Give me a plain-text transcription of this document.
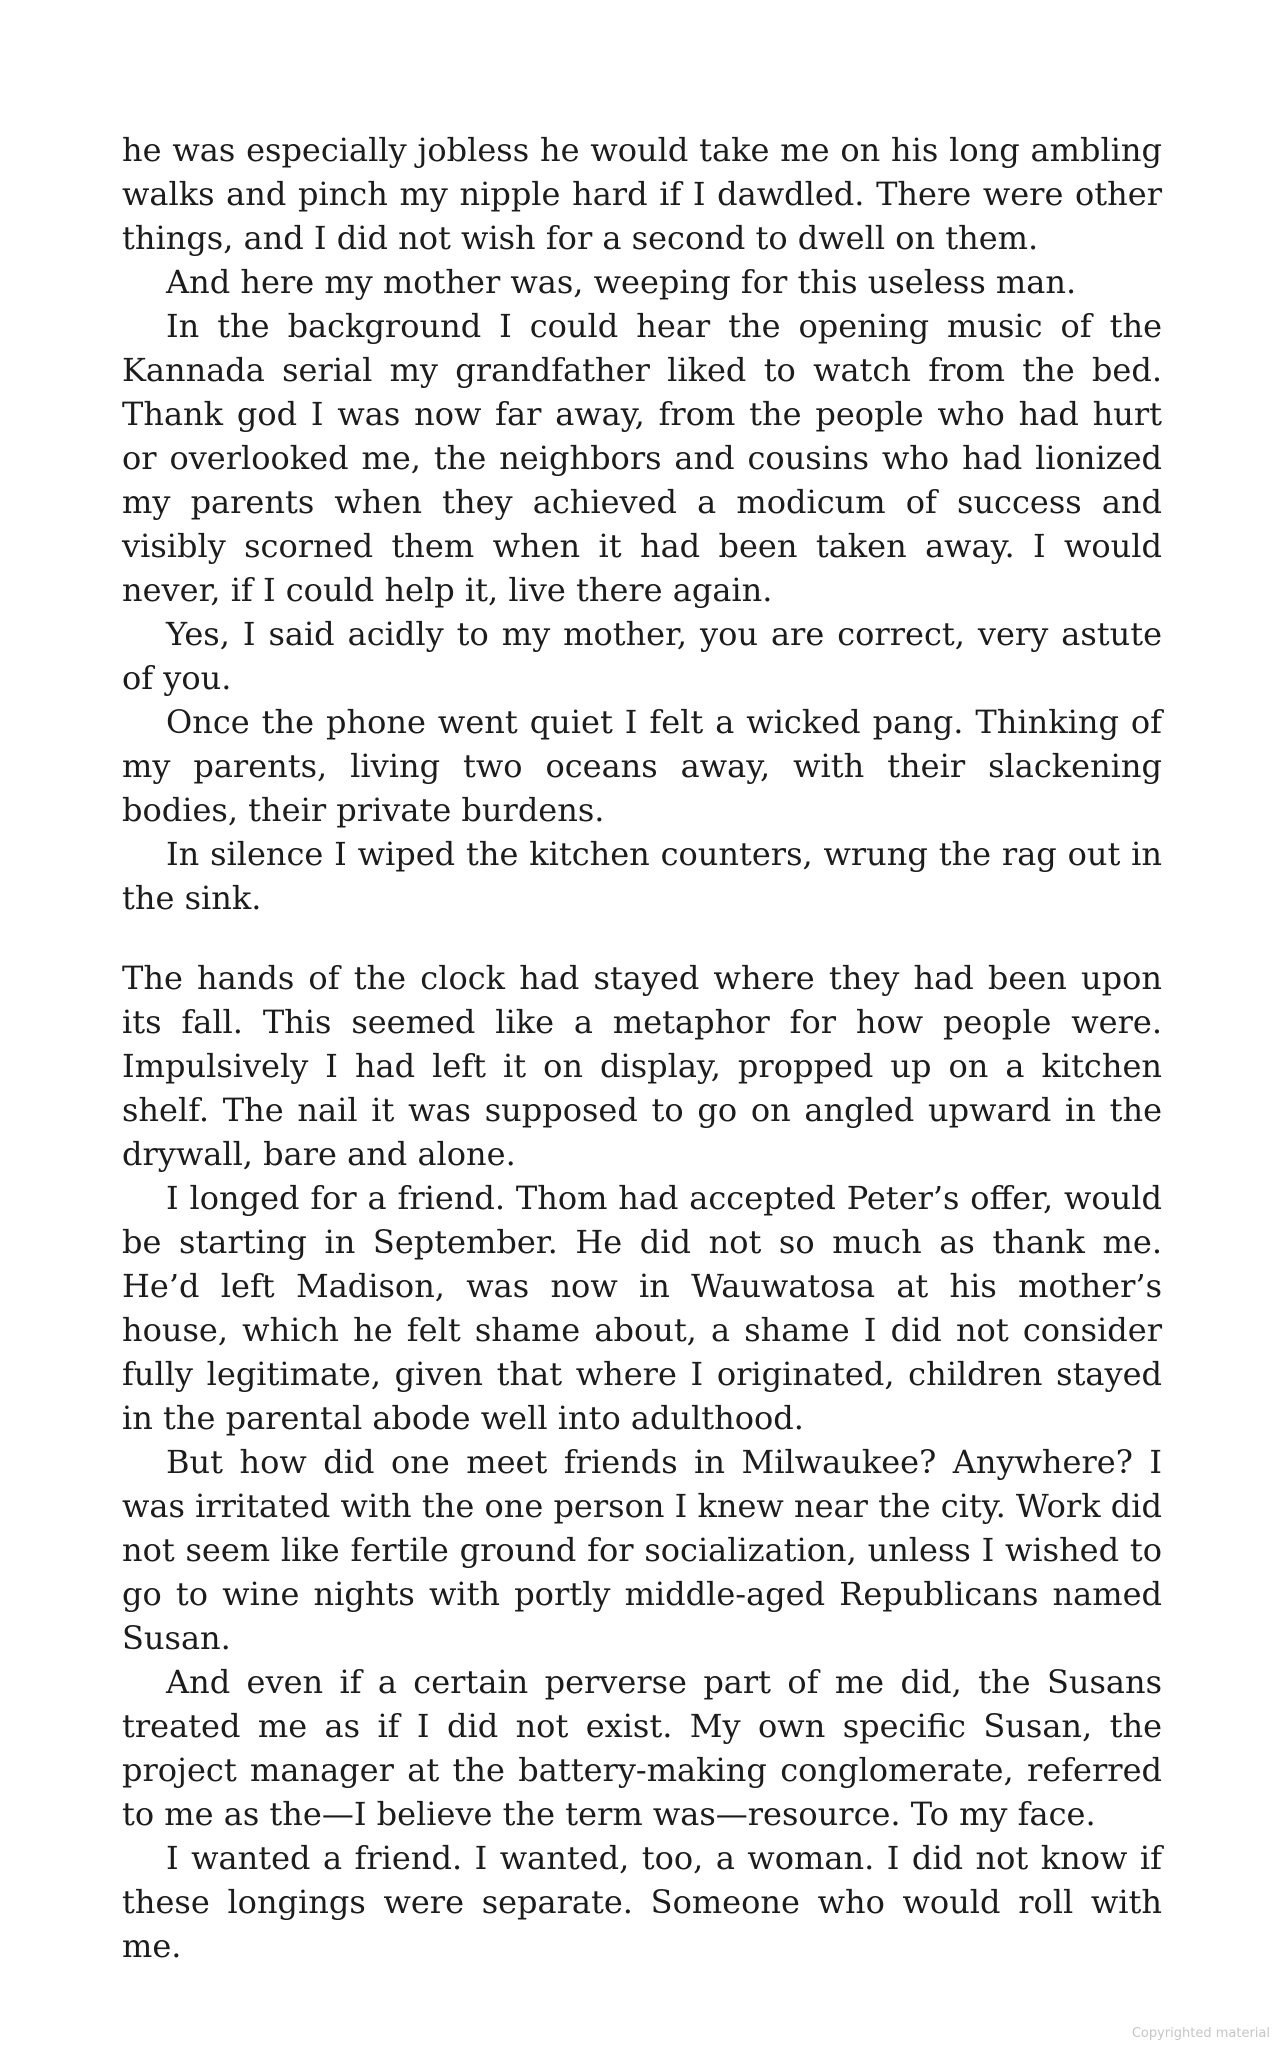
he was especially jobless he would take me on his long ambling walks and pinch my nipple hard if I dawdled. There were other things, and I did not wish for a second to dwell on them.

And here my mother was, weeping for this useless man.

In the background I could hear the opening music of the Kannada serial my grandfather liked to watch from the bed. Thank god I was now far away, from the people who had hurt or overlooked me, the neighbors and cousins who had lionized my parents when they achieved a modicum of success and visibly scorned them when it had been taken away. I would never, if I could help it, live there again.

Yes, I said acidly to my mother, you are correct, very astute of you.

Once the phone went quiet I felt a wicked pang. Thinking of my parents, living two oceans away, with their slackening bodies, their private burdens.

In silence I wiped the kitchen counters, wrung the rag out in the sink.

The hands of the clock had stayed where they had been upon its fall. This seemed like a metaphor for how people were. Impulsively I had left it on display, propped up on a kitchen shelf. The nail it was supposed to go on angled upward in the drywall, bare and alone.

I longed for a friend. Thom had accepted Peter’s offer, would be starting in September. He did not so much as thank me. He’d left Madison, was now in Wauwatosa at his mother’s house, which he felt shame about, a shame I did not consider fully legitimate, given that where I originated, children stayed in the parental abode well into adulthood.

But how did one meet friends in Milwaukee? Anywhere? I was irritated with the one person I knew near the city. Work did not seem like fertile ground for socialization, unless I wished to go to wine nights with portly middle-aged Republicans named Susan.

And even if a certain perverse part of me did, the Susans treated me as if I did not exist. My own specific Susan, the project manager at the battery-making conglomerate, referred to me as the—I believe the term was—resource. To my face.

I wanted a friend. I wanted, too, a woman. I did not know if these longings were separate. Someone who would roll with me.

Copyrighted material
